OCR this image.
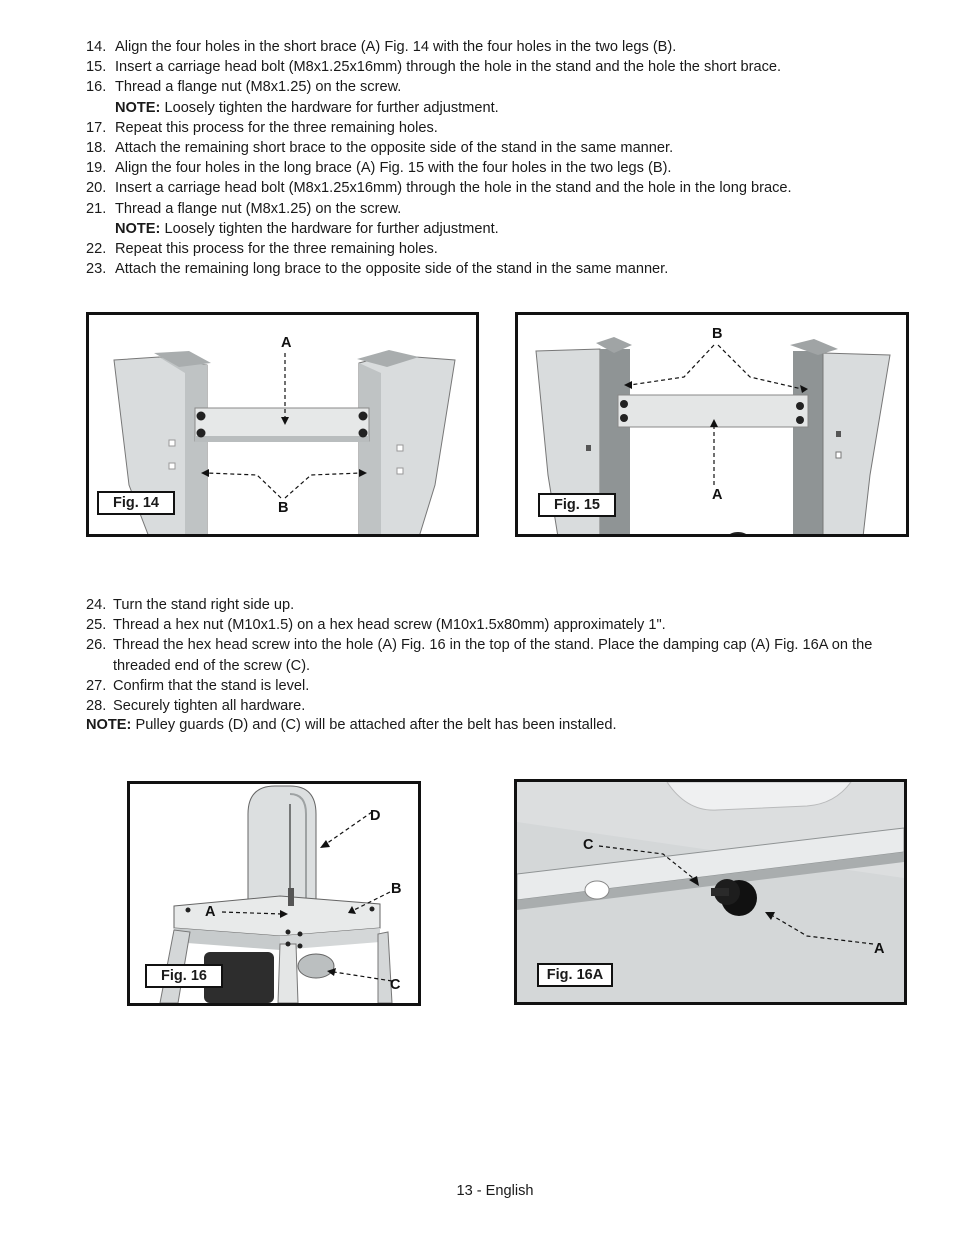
14. Align the four holes in the short brace (A) Fig. 14 with the four holes in the two legs (B).
15. Insert a carriage head bolt (M8x1.25x16mm) through the hole in the stand and the hole the short brace.
16. Thread a flange nut (M8x1.25) on the screw.
NOTE: Loosely tighten the hardware for further adjustment.
17. Repeat this process for the three remaining holes.
18. Attach the remaining short brace to the opposite side of the stand in the same manner.
19. Align the four holes in the long brace (A) Fig. 15 with the four holes in the two legs (B).
20. Insert a carriage head bolt (M8x1.25x16mm) through the hole in the stand and the hole in the long brace.
21. Thread a flange nut (M8x1.25) on the screw.
NOTE: Loosely tighten the hardware for further adjustment.
22. Repeat this process for the three remaining holes.
23. Attach the remaining long brace to the opposite side of the stand in the same manner.
A
B
Fig. 14	A
B
Fig. 15
24. Turn the stand right side up.
25. Thread a hex nut (M10x1.5) on a hex head screw (M10x1.5x80mm) approximately 1".
26. Thread the hex head screw into the hole (A) Fig. 16 in the top of the stand. Place the damping cap (A) Fig. 16A on the threaded end of the screw (C).
27. Confirm that the stand is level.
28. Securely tighten all hardware.
NOTE: Pulley guards (D) and (C) will be attached after the belt has been installed.
A
B
C
D
Fig. 16
A
C
Fig. 16A
13 - English
